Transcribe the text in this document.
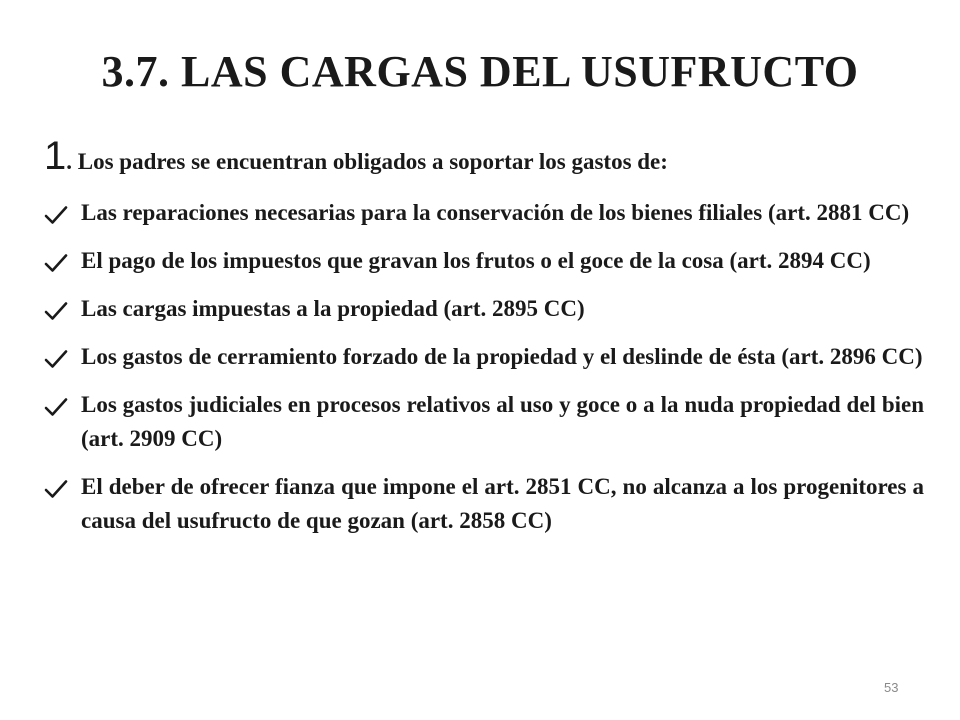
3.7. LAS CARGAS DEL USUFRUCTO
1. Los padres se encuentran obligados a soportar los gastos de:
Las reparaciones necesarias para la conservación de los bienes filiales (art. 2881 CC)
El pago de los impuestos que gravan los frutos o el goce de la cosa (art. 2894 CC)
Las cargas impuestas a la propiedad (art. 2895 CC)
Los gastos de cerramiento forzado de la propiedad y el deslinde de ésta (art. 2896 CC)
Los gastos judiciales en procesos relativos al uso y goce o a la nuda propiedad del bien (art. 2909 CC)
El deber de ofrecer fianza que impone el art. 2851 CC, no alcanza a los progenitores a causa del usufructo de que gozan (art. 2858 CC)
53
